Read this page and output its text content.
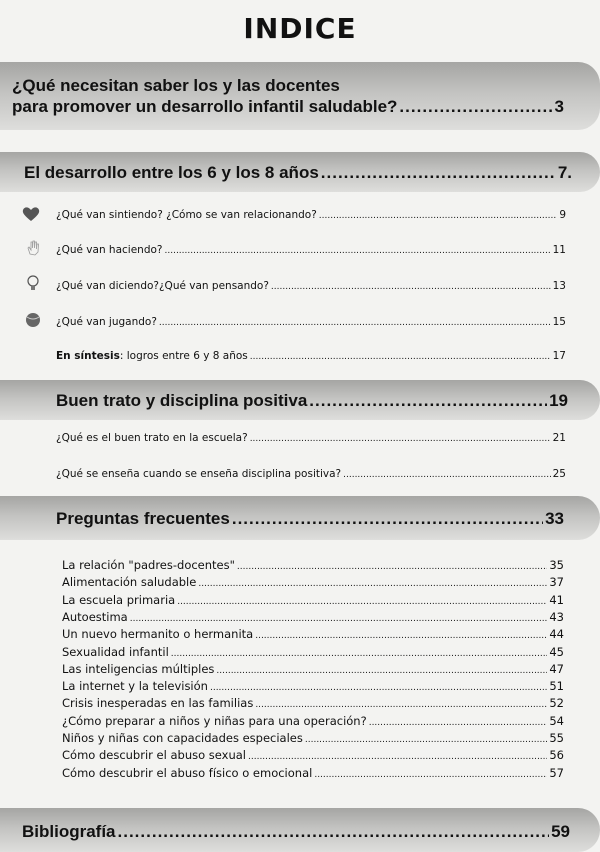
INDICE
¿Qué necesitan saber los y las docentes
para promover un desarrollo infantil saludable? .....	3
El desarrollo entre los 6 y los 8 años .....	7.
¿Qué van sintiendo? ¿Cómo se van relacionando? .....	9
¿Qué van haciendo? .....	11
¿Qué van diciendo?¿Qué van pensando? .....	13
¿Qué van jugando? .....	15
En síntesis: logros entre 6 y 8 años .....	17
Buen trato y disciplina positiva .....	19
¿Qué es el buen trato en la escuela? .....	21
¿Qué se enseña cuando se enseña disciplina positiva? .....	25
Preguntas frecuentes .....	33
La relación "padres-docentes" .....	35
Alimentación saludable .....	37
La escuela primaria .....	41
Autoestima .....	43
Un nuevo hermanito o hermanita .....	44
Sexualidad infantil .....	45
Las inteligencias múltiples .....	47
La internet y la televisión .....	51
Crisis inesperadas en las familias .....	52
¿Cómo preparar a niños y niñas para una operación? .....	54
Niños y niñas con capacidades especiales .....	55
Cómo descubrir el abuso sexual .....	56
Cómo descubrir el abuso físico o emocional .....	57
Bibliografía .....	59
